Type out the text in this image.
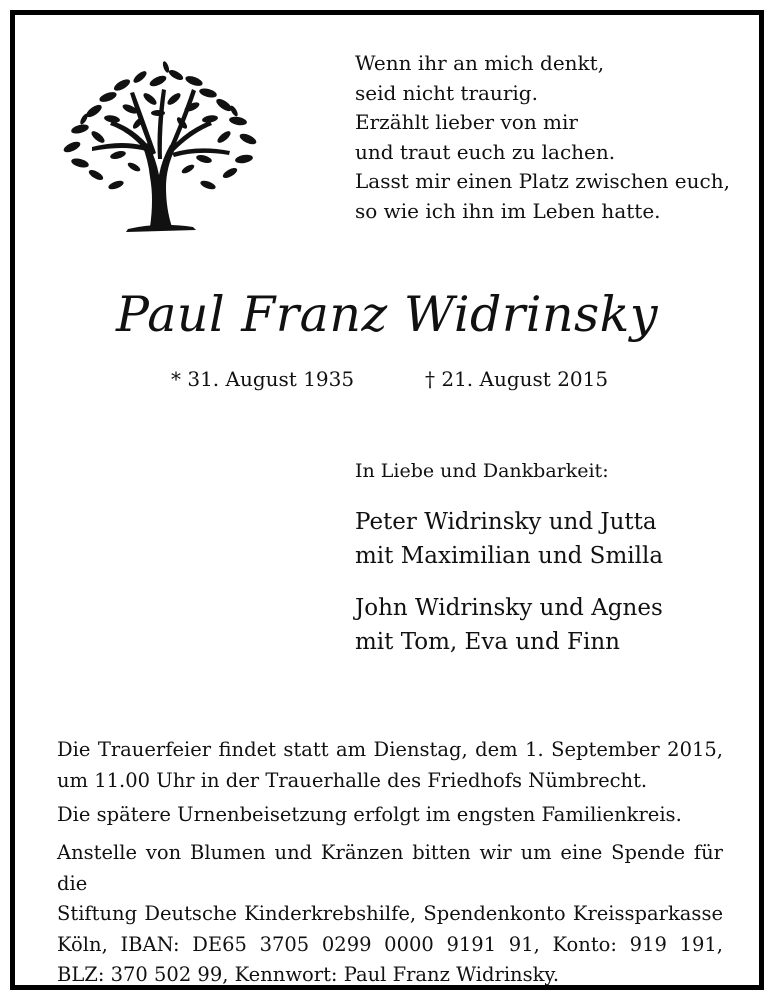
Wenn ihr an mich denkt,
seid nicht traurig.
Erzählt lieber von mir
und traut euch zu lachen.
Lasst mir einen Platz zwischen euch,
so wie ich ihn im Leben hatte.
Paul Franz Widrinsky
* 31. August 1935	† 21. August 2015
In Liebe und Dankbarkeit:
Peter Widrinsky und Jutta
mit Maximilian und Smilla
John Widrinsky und Agnes
mit Tom, Eva und Finn
Die Trauerfeier findet statt am Dienstag, dem 1. September 2015,
um 11.00 Uhr in der Trauerhalle des Friedhofs Nümbrecht.
Die spätere Urnenbeisetzung erfolgt im engsten Familienkreis.
Anstelle von Blumen und Kränzen bitten wir um eine Spende für die
Stiftung Deutsche Kinderkrebshilfe, Spendenkonto Kreissparkasse
Köln, IBAN: DE65 3705 0299 0000 9191 91, Konto: 919 191,
BLZ: 370 502 99, Kennwort: Paul Franz Widrinsky.
